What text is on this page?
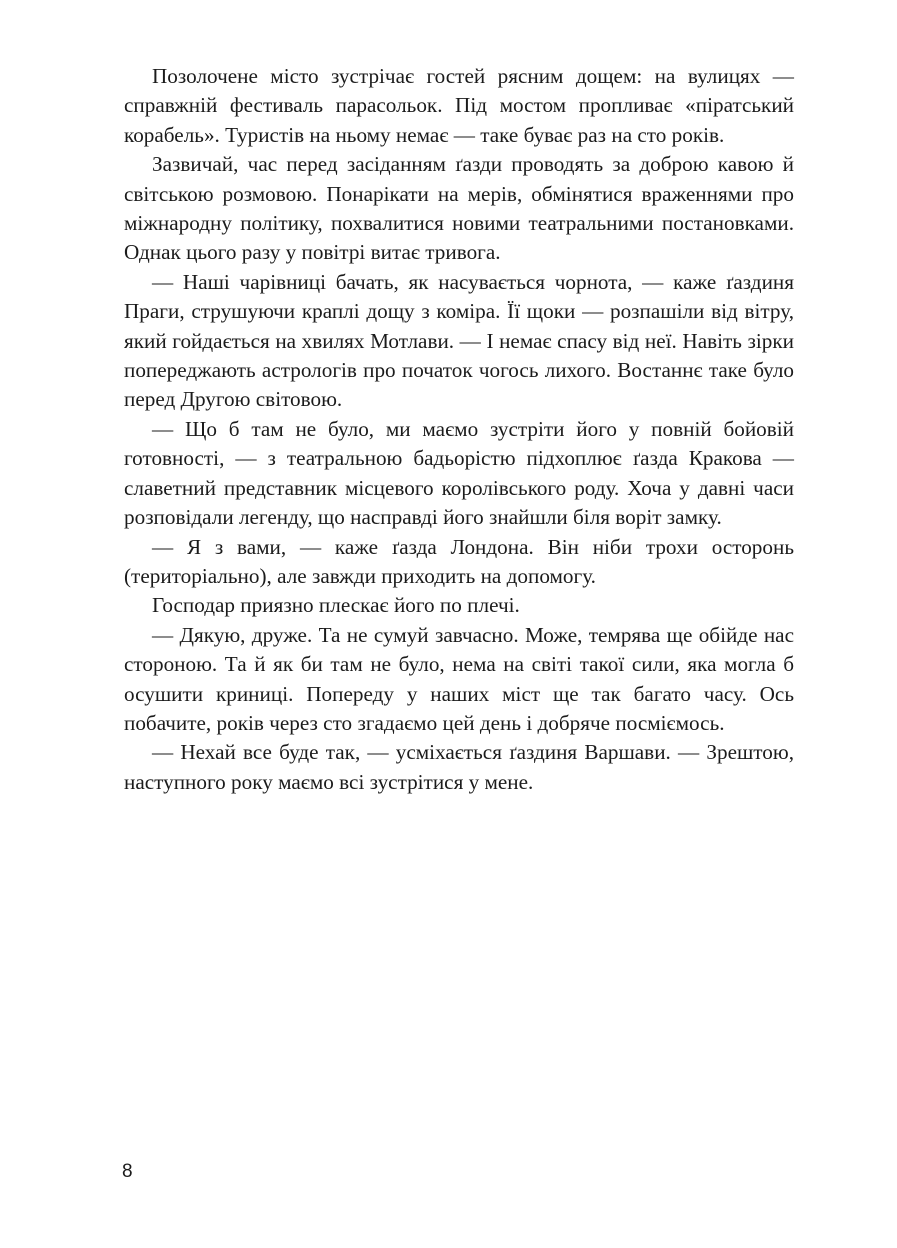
Позолочене місто зустрічає гостей рясним дощем: на вулицях — справжній фестиваль парасольок. Під мостом пропливає «піратський корабель». Туристів на ньому немає — таке буває раз на сто років.

Зазвичай, час перед засіданням ґазди проводять за доброю кавою й світською розмовою. Понарікати на мерів, обмінятися враженнями про міжнародну політику, похвалитися новими театральними постановками. Однак цього разу у повітрі витає тривога.

— Наші чарівниці бачать, як насувається чорнота, — каже ґаздиня Праги, струшуючи краплі дощу з коміра. Її щоки — розпашіли від вітру, який гойдається на хвилях Мотлави. — І немає спасу від неї. Навіть зірки попереджають астрологів про початок чогось лихого. Востаннє таке було перед Другою світовою.

— Що б там не було, ми маємо зустріти його у повній бойовій готовності, — з театральною бадьорістю підхоплює ґазда Кракова — славетний представник місцевого королівського роду. Хоча у давні часи розповідали легенду, що насправді його знайшли біля воріт замку.

— Я з вами, — каже ґазда Лондона. Він ніби трохи осторонь (територіально), але завжди приходить на допомогу.

Господар приязно плескає його по плечі.

— Дякую, друже. Та не сумуй завчасно. Може, темрява ще обійде нас стороною. Та й як би там не було, нема на світі такої сили, яка могла б осушити криниці. Попереду у наших міст ще так багато часу. Ось побачите, років через сто згадаємо цей день і добряче посміємось.

— Нехай все буде так, — усміхається ґаздиня Варшави. — Зрештою, наступного року маємо всі зустрітися у мене.

8
